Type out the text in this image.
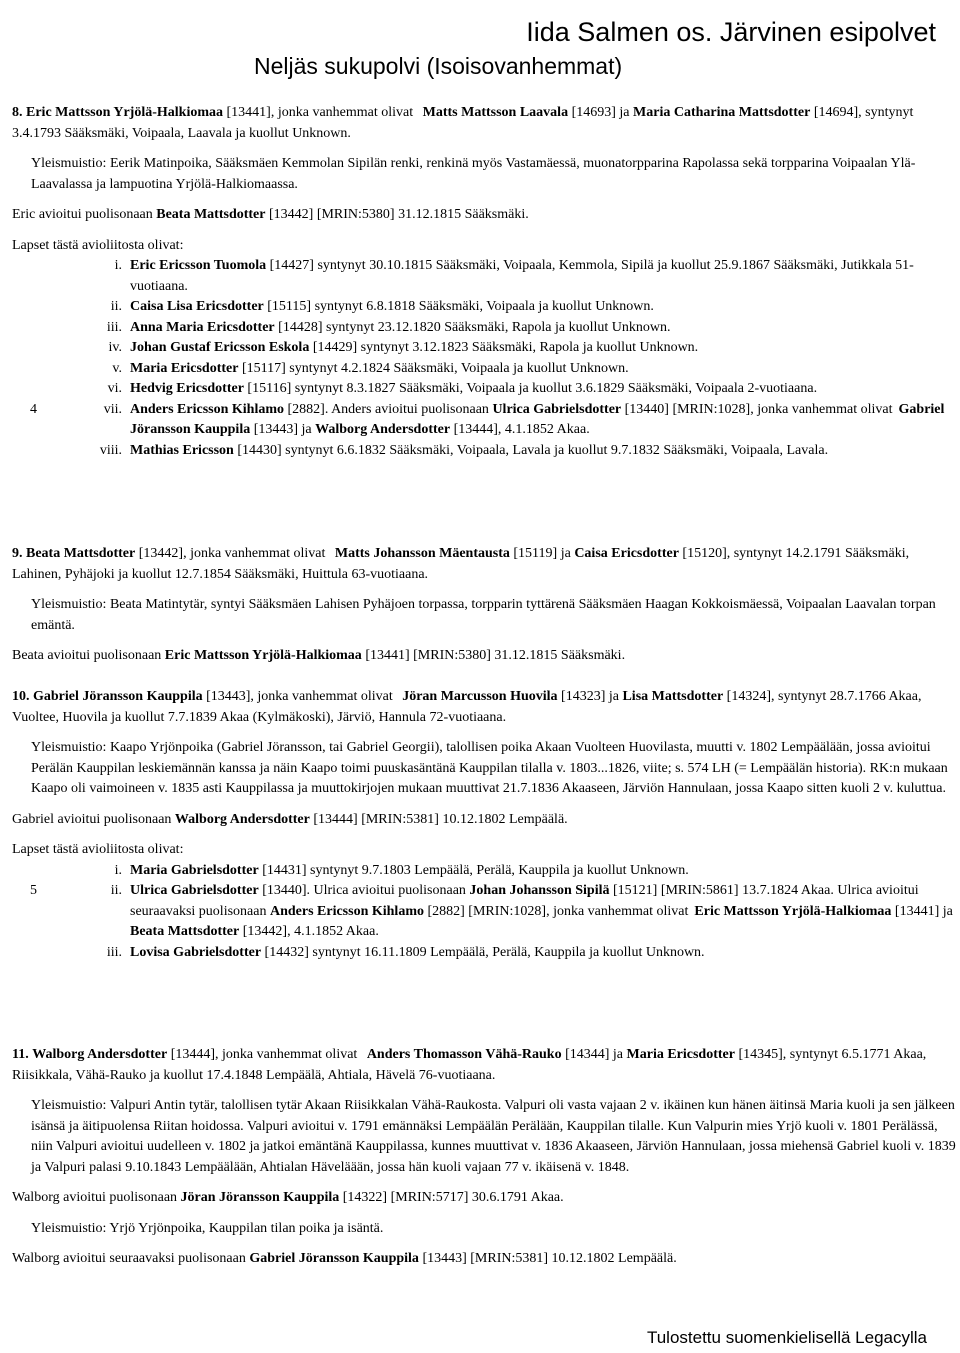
Iida Salmen os. Järvinen esipolvet
Neljäs sukupolvi (Isoisovanhemmat)

8. Eric Mattsson Yrjölä-Halkiomaa [13441], jonka vanhemmat olivat Matts Mattsson Laavala [14693] ja Maria Catharina Mattsdotter [14694], syntynyt 3.4.1793 Sääksmäki, Voipaala, Laavala ja kuollut Unknown.

Yleismuistio: Eerik Matinpoika, Sääksmäen Kemmolan Sipilän renki, renkinä myös Vastamäessä, muonatorpparina Rapolassa sekä torpparina Voipaalan Ylä-Laavalassa ja lampuotina Yrjölä-Halkiomaassa.

Eric avioitui puolisonaan Beata Mattsdotter [13442] [MRIN:5380] 31.12.1815 Sääksmäki.

Lapset tästä avioliitosta olivat:

i. Eric Ericsson Tuomola [14427] syntynyt 30.10.1815 Sääksmäki, Voipaala, Kemmola, Sipilä ja kuollut 25.9.1867 Sääksmäki, Jutikkala 51-vuotiaana.
ii. Caisa Lisa Ericsdotter [15115] syntynyt 6.8.1818 Sääksmäki, Voipaala ja kuollut Unknown.
iii. Anna Maria Ericsdotter [14428] syntynyt 23.12.1820 Sääksmäki, Rapola ja kuollut Unknown.
iv. Johan Gustaf Ericsson Eskola [14429] syntynyt 3.12.1823 Sääksmäki, Rapola ja kuollut Unknown.
v. Maria Ericsdotter [15117] syntynyt 4.2.1824 Sääksmäki, Voipaala ja kuollut Unknown.
vi. Hedvig Ericsdotter [15116] syntynyt 8.3.1827 Sääksmäki, Voipaala ja kuollut 3.6.1829 Sääksmäki, Voipaala 2-vuotiaana.
4	vii. Anders Ericsson Kihlamo [2882]. Anders avioitui puolisonaan Ulrica Gabrielsdotter [13440] [MRIN:1028], jonka vanhemmat olivat Gabriel Jöransson Kauppila [13443] ja Walborg Andersdotter [13444], 4.1.1852 Akaa.
viii. Mathias Ericsson [14430] syntynyt 6.6.1832 Sääksmäki, Voipaala, Lavala ja kuollut 9.7.1832 Sääksmäki, Voipaala, Lavala.

9. Beata Mattsdotter [13442], jonka vanhemmat olivat Matts Johansson Mäentausta [15119] ja Caisa Ericsdotter [15120], syntynyt 14.2.1791 Sääksmäki, Lahinen, Pyhäjoki ja kuollut 12.7.1854 Sääksmäki, Huittula 63-vuotiaana.

Yleismuistio: Beata Matintytär, syntyi Sääksmäen Lahisen Pyhäjoen torpassa, torpparin tyttärenä Sääksmäen Haagan Kokkoismäessä, Voipaalan Laavalan torpan emäntä.

Beata avioitui puolisonaan Eric Mattsson Yrjölä-Halkiomaa [13441] [MRIN:5380] 31.12.1815 Sääksmäki.

10. Gabriel Jöransson Kauppila [13443], jonka vanhemmat olivat Jöran Marcusson Huovila [14323] ja Lisa Mattsdotter [14324], syntynyt 28.7.1766 Akaa, Vuoltee, Huovila ja kuollut 7.7.1839 Akaa (Kylmäkoski), Järviö, Hannula 72-vuotiaana.

Yleismuistio: Kaapo Yrjönpoika (Gabriel Jöransson, tai Gabriel Georgii), talollisen poika Akaan Vuolteen Huovilasta, muutti v. 1802 Lempäälään, jossa avioitui Perälän Kauppilan leskiemännän kanssa ja näin Kaapo toimi puuskasäntänä Kauppilan tilalla v. 1803...1826, viite; s. 574 LH (= Lempäälän historia). RK:n mukaan Kaapo oli vaimoineen v. 1835 asti Kauppilassa ja muuttokirjojen mukaan muuttivat 21.7.1836 Akaaseen, Järviön Hannulaan, jossa Kaapo sitten kuoli 2 v. kuluttua.

Gabriel avioitui puolisonaan Walborg Andersdotter [13444] [MRIN:5381] 10.12.1802 Lempäälä.

Lapset tästä avioliitosta olivat:

i. Maria Gabrielsdotter [14431] syntynyt 9.7.1803 Lempäälä, Perälä, Kauppila ja kuollut Unknown.
5	ii. Ulrica Gabrielsdotter [13440]. Ulrica avioitui puolisonaan Johan Johansson Sipilä [15121] [MRIN:5861] 13.7.1824 Akaa. Ulrica avioitui seuraavaksi puolisonaan Anders Ericsson Kihlamo [2882] [MRIN:1028], jonka vanhemmat olivat Eric Mattsson Yrjölä-Halkiomaa [13441] ja Beata Mattsdotter [13442], 4.1.1852 Akaa.
iii. Lovisa Gabrielsdotter [14432] syntynyt 16.11.1809 Lempäälä, Perälä, Kauppila ja kuollut Unknown.

11. Walborg Andersdotter [13444], jonka vanhemmat olivat Anders Thomasson Vähä-Rauko [14344] ja Maria Ericsdotter [14345], syntynyt 6.5.1771 Akaa, Riisikkala, Vähä-Rauko ja kuollut 17.4.1848 Lempäälä, Ahtiala, Hävelä 76-vuotiaana.

Yleismuistio: Valpuri Antin tytär, talollisen tytär Akaan Riisikkalan Vähä-Raukosta. Valpuri oli vasta vajaan 2 v. ikäinen kun hänen äitinsä Maria kuoli ja sen jälkeen isänsä ja äitipuolensa Riitan hoidossa. Valpuri avioitui v. 1791 emännäksi Lempäälän Perälään, Kauppilan tilalle. Kun Valpurin mies Yrjö kuoli v. 1801 Perälässä, niin Valpuri avioitui uudelleen v. 1802 ja jatkoi emäntänä Kauppilassa, kunnes muuttivat v. 1836 Akaaseen, Järviön Hannulaan, jossa miehensä Gabriel kuoli v. 1839 ja Valpuri palasi 9.10.1843 Lempäälään, Ahtialan Häveläään, jossa hän kuoli vajaan 77 v. ikäisenä v. 1848.

Walborg avioitui puolisonaan Jöran Jöransson Kauppila [14322] [MRIN:5717] 30.6.1791 Akaa.

Yleismuistio: Yrjö Yrjönpoika, Kauppilan tilan poika ja isäntä.

Walborg avioitui seuraavaksi puolisonaan Gabriel Jöransson Kauppila [13443] [MRIN:5381] 10.12.1802 Lempäälä.

Tulostettu suomenkielisellä Legacylla
